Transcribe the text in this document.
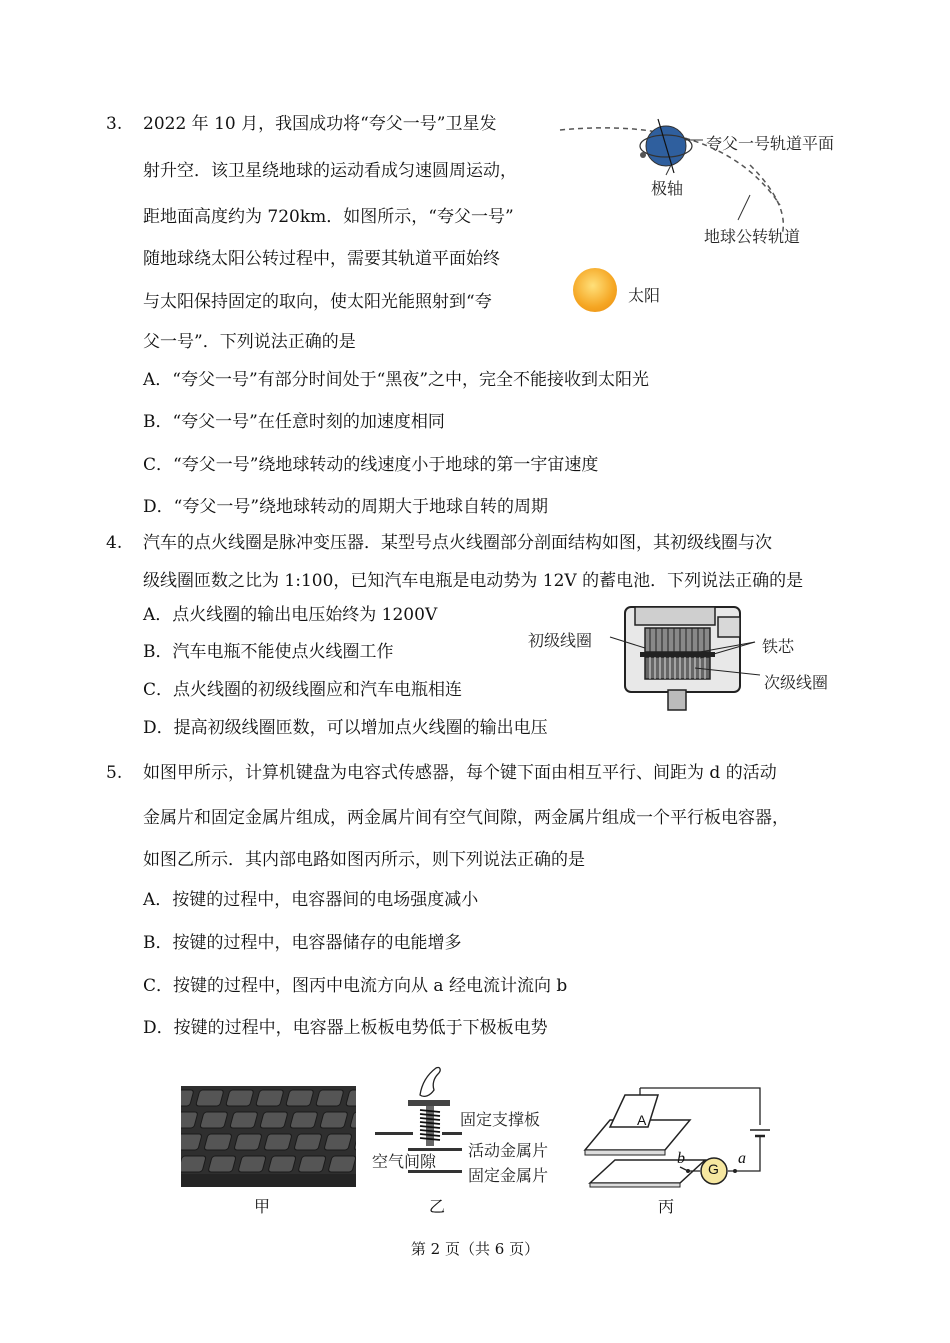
3. 2022 年 10 月，我国成功将“夸父一号”卫星发
射升空．该卫星绕地球的运动看成匀速圆周运动，
距地面高度约为 720km．如图所示，“夸父一号”
随地球绕太阳公转过程中，需要其轨道平面始终
与太阳保持固定的取向，使太阳光能照射到“夸
父一号”．下列说法正确的是
A．“夸父一号”有部分时间处于“黑夜”之中，完全不能接收到太阳光
B．“夸父一号”在任意时刻的加速度相同
C．“夸父一号”绕地球转动的线速度小于地球的第一宇宙速度
D．“夸父一号”绕地球转动的周期大于地球自转的周期
夸父一号轨道平面
极轴
地球公转轨道
太阳
4. 汽车的点火线圈是脉冲变压器．某型号点火线圈部分剖面结构如图，其初级线圈与次
级线圈匝数之比为 1:100，已知汽车电瓶是电动势为 12V 的蓄电池．下列说法正确的是
A．点火线圈的输出电压始终为 1200V
B．汽车电瓶不能使点火线圈工作
C．点火线圈的初级线圈应和汽车电瓶相连
D．提高初级线圈匝数，可以增加点火线圈的输出电压
初级线圈	铁芯
次级线圈
5. 如图甲所示，计算机键盘为电容式传感器，每个键下面由相互平行、间距为 d 的活动
金属片和固定金属片组成，两金属片间有空气间隙，两金属片组成一个平行板电容器，
如图乙所示．其内部电路如图丙所示，则下列说法正确的是
A．按键的过程中，电容器间的电场强度减小
B．按键的过程中，电容器储存的电能增多
C．按键的过程中，图丙中电流方向从 a 经电流计流向 b
D．按键的过程中，电容器上板板电势低于下极板电势
固定支撑板
活动金属片
空气间隙
固定金属片
A
G
b	a
甲	乙	丙
第 2 页（共 6 页）
